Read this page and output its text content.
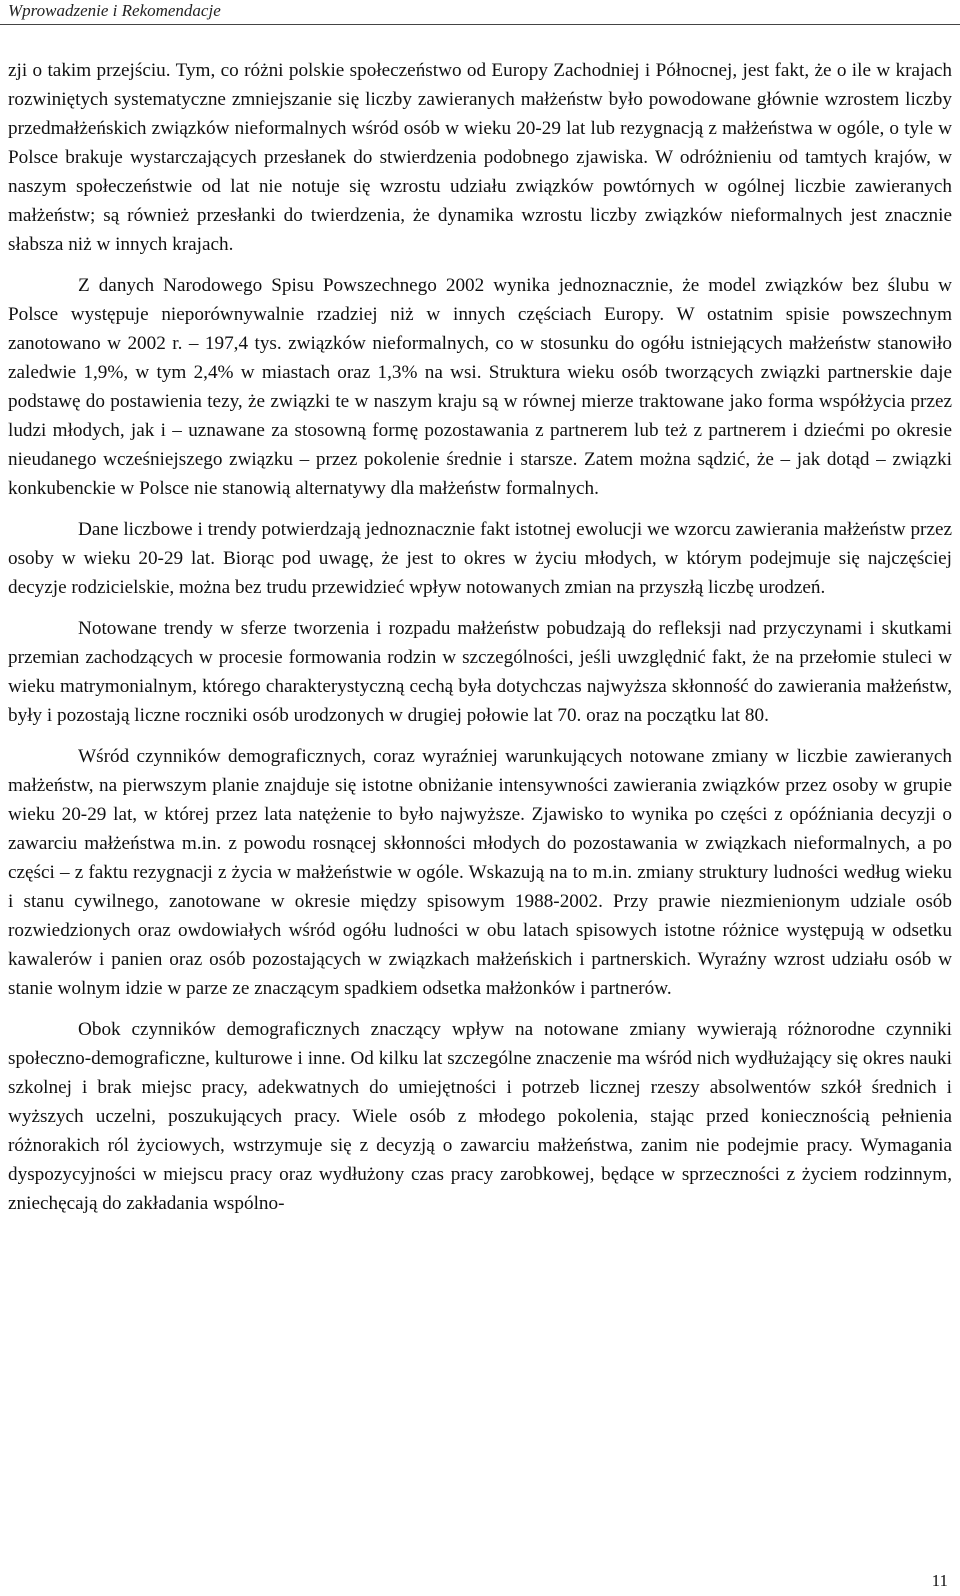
Wprowadzenie i Rekomendacje

zji o takim przejściu. Tym, co różni polskie społeczeństwo od Europy Zachodniej i Północnej, jest fakt, że o ile w krajach rozwiniętych systematyczne zmniejszanie się liczby zawieranych małżeństw było powodowane głównie wzrostem liczby przedmałżeńskich związków nieformalnych wśród osób w wieku 20-29 lat lub rezygnacją z małżeństwa w ogóle, o tyle w Polsce brakuje wystarczających przesłanek do stwierdzenia podobnego zjawiska. W odróżnieniu od tamtych krajów, w naszym społeczeństwie od lat nie notuje się wzrostu udziału związków powtórnych w ogólnej liczbie zawieranych małżeństw; są również przesłanki do twierdzenia, że dynamika wzrostu liczby związków nieformalnych jest znacznie słabsza niż w innych krajach.

Z danych Narodowego Spisu Powszechnego 2002 wynika jednoznacznie, że model związków bez ślubu w Polsce występuje nieporównywalnie rzadziej niż w innych częściach Europy. W ostatnim spisie powszechnym zanotowano w 2002 r. – 197,4 tys. związków nieformalnych, co w stosunku do ogółu istniejących małżeństw stanowiło zaledwie 1,9%, w tym 2,4% w miastach oraz 1,3% na wsi. Struktura wieku osób tworzących związki partnerskie daje podstawę do postawienia tezy, że związki te w naszym kraju są w równej mierze traktowane jako forma współżycia przez ludzi młodych, jak i – uznawane za stosowną formę pozostawania z partnerem lub też z partnerem i dziećmi po okresie nieudanego wcześniejszego związku – przez pokolenie średnie i starsze. Zatem można sądzić, że – jak dotąd – związki konkubenckie w Polsce nie stanowią alternatywy dla małżeństw formalnych.

Dane liczbowe i trendy potwierdzają jednoznacznie fakt istotnej ewolucji we wzorcu zawierania małżeństw przez osoby w wieku 20-29 lat. Biorąc pod uwagę, że jest to okres w życiu młodych, w którym podejmuje się najczęściej decyzje rodzicielskie, można bez trudu przewidzieć wpływ notowanych zmian na przyszłą liczbę urodzeń.

Notowane trendy w sferze tworzenia i rozpadu małżeństw pobudzają do refleksji nad przyczynami i skutkami przemian zachodzących w procesie formowania rodzin w szczególności, jeśli uwzględnić fakt, że na przełomie stuleci w wieku matrymonialnym, którego charakterystyczną cechą była dotychczas najwyższa skłonność do zawierania małżeństw, były i pozostają liczne roczniki osób urodzonych w drugiej połowie lat 70. oraz na początku lat 80.

Wśród czynników demograficznych, coraz wyraźniej warunkujących notowane zmiany w liczbie zawieranych małżeństw, na pierwszym planie znajduje się istotne obniżanie intensywności zawierania związków przez osoby w grupie wieku 20-29 lat, w której przez lata natężenie to było najwyższe. Zjawisko to wynika po części z opóźniania decyzji o zawarciu małżeństwa m.in. z powodu rosnącej skłonności młodych do pozostawania w związkach nieformalnych, a po części – z faktu rezygnacji z życia w małżeństwie w ogóle. Wskazują na to m.in. zmiany struktury ludności według wieku i stanu cywilnego, zanotowane w okresie między spisowym 1988-2002. Przy prawie niezmienionym udziale osób rozwiedzionych oraz owdowiałych wśród ogółu ludności w obu latach spisowych istotne różnice występują w odsetku kawalerów i panien oraz osób pozostających w związkach małżeńskich i partnerskich. Wyraźny wzrost udziału osób w stanie wolnym idzie w parze ze znaczącym spadkiem odsetka małżonków i partnerów.

Obok czynników demograficznych znaczący wpływ na notowane zmiany wywierają różnorodne czynniki społeczno-demograficzne, kulturowe i inne. Od kilku lat szczególne znaczenie ma wśród nich wydłużający się okres nauki szkolnej i brak miejsc pracy, adekwatnych do umiejętności i potrzeb licznej rzeszy absolwentów szkół średnich i wyższych uczelni, poszukujących pracy. Wiele osób z młodego pokolenia, stając przed koniecznością pełnienia różnorakich ról życiowych, wstrzymuje się z decyzją o zawarciu małżeństwa, zanim nie podejmie pracy. Wymagania dyspozycyjności w miejscu pracy oraz wydłużony czas pracy zarobkowej, będące w sprzeczności z życiem rodzinnym, zniechęcają do zakładania wspólno-

11
